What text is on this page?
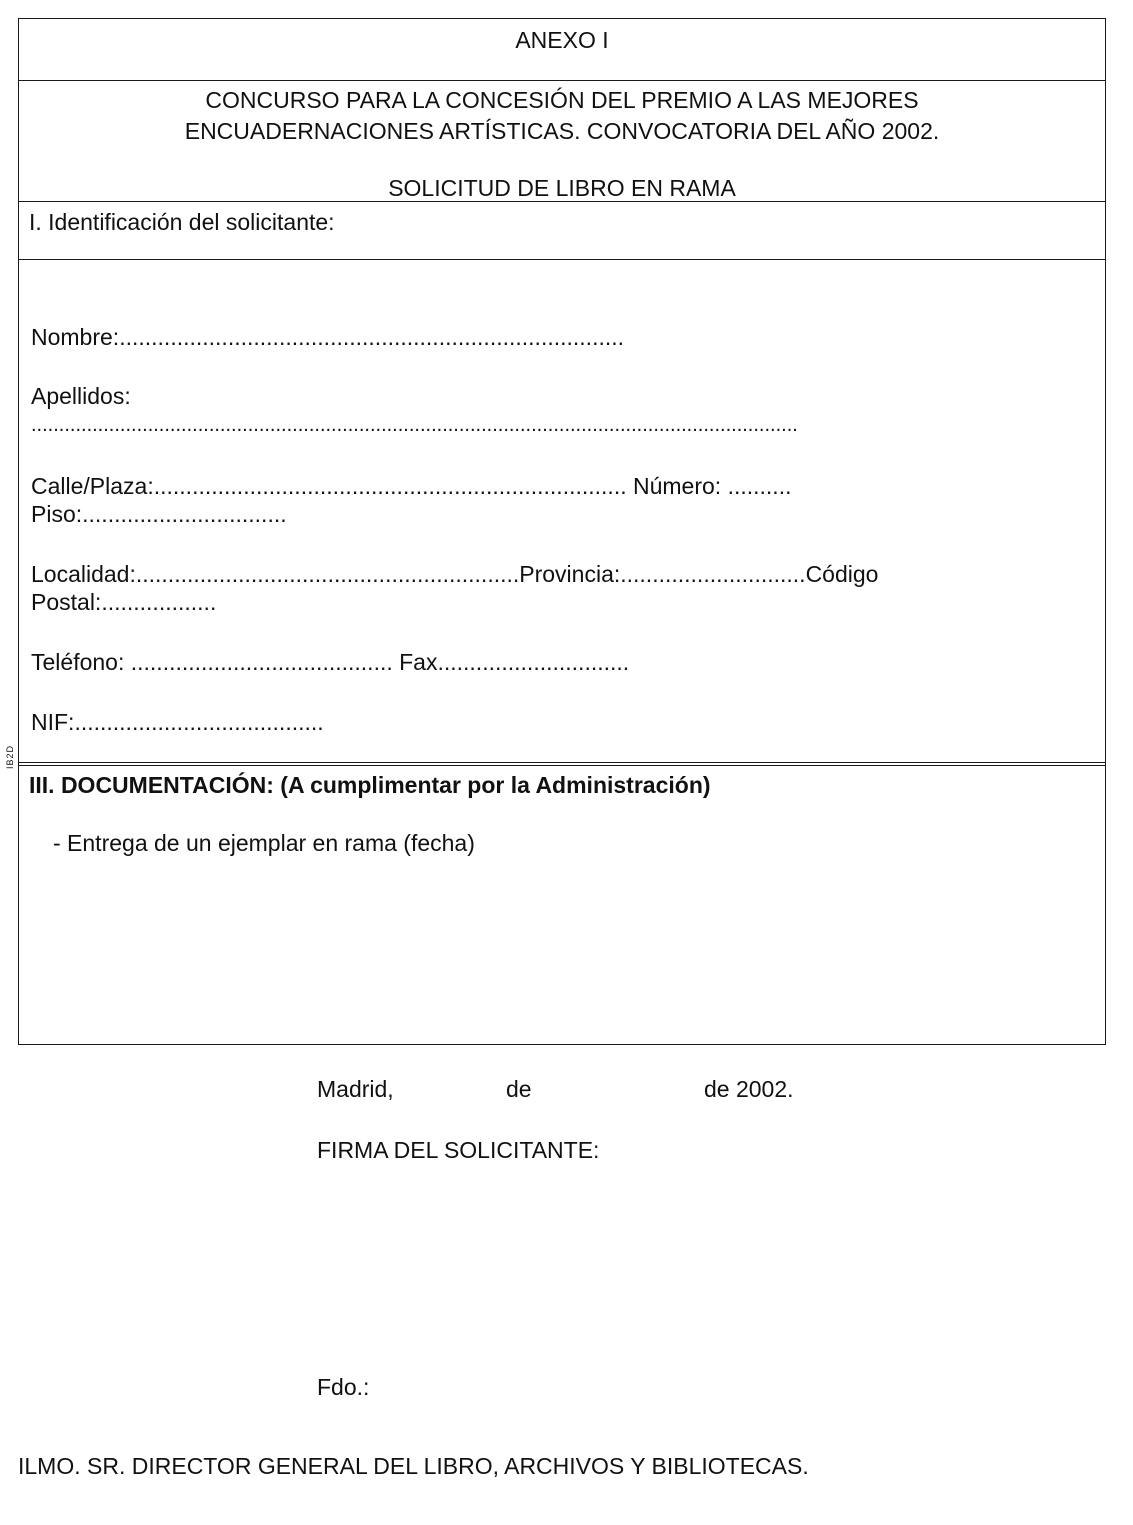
ANEXO I
CONCURSO PARA LA CONCESIÓN DEL PREMIO A LAS MEJORES
ENCUADERNACIONES ARTÍSTICAS. CONVOCATORIA DEL AÑO 2002.
SOLICITUD DE LIBRO EN RAMA
I. Identificación del solicitante:
Nombre:...............................................................................
Apellidos:
..........................................................................................................................................
Calle/Plaza:.......................................................................... Número: ..........
Piso:................................
Localidad:............................................................Provincia:.............................Código
Postal:..................
Teléfono: ......................................... Fax..............................
NIF:.......................................
III. DOCUMENTACIÓN: (A cumplimentar por la Administración)
- Entrega de un ejemplar en rama (fecha)
IB2D
Madrid,	de	de 2002.
FIRMA DEL SOLICITANTE:
Fdo.:
ILMO. SR. DIRECTOR GENERAL DEL LIBRO, ARCHIVOS Y BIBLIOTECAS.
